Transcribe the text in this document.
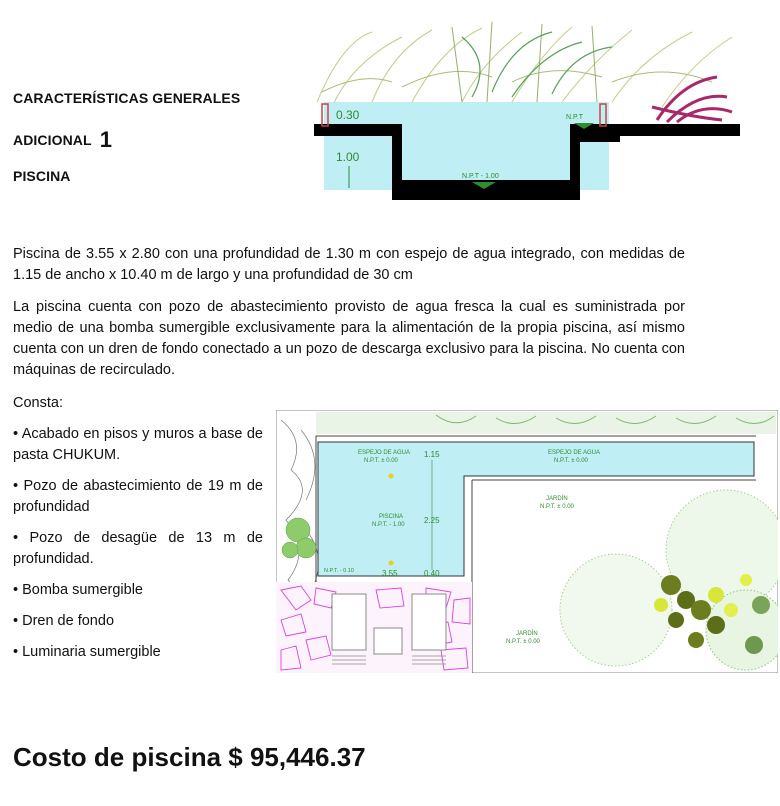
CARACTERÍSTICAS GENERALES
ADICIONAL 1
PISCINA
0.30
1.00
N.P.T - 1.00
N.P.T
Piscina de 3.55 x 2.80 con una profundidad de 1.30 m con espejo de agua integrado, con medidas de 1.15 de ancho x 10.40 m de largo y una profundidad de 30 cm
La piscina cuenta con pozo de abastecimiento provisto de agua fresca la cual es suministrada por medio de una bomba sumergible exclusivamente para la alimentación de la propia piscina, así mismo cuenta con un dren de fondo conectado a un pozo de descarga exclusivo para la piscina. No cuenta con máquinas de recirculado.
Consta:
• Acabado en pisos y muros a base de pasta CHUKUM.
• Pozo de abastecimiento de 19 m de profundidad
• Pozo de desagüe de 13 m de profundidad.
• Bomba sumergible
• Dren de fondo
• Luminaria sumergible
ESPEJO DE AGUA
N.P.T. ± 0.00
1.15	ESPEJO DE AGUA
N.P.T. ± 0.00
PISCINA
N.P.T. - 1.00 2.25
N.P.T. - 0.10	3.55	0.40
JARDÍN
N.P.T. ± 0.00
JARDÍN
N.P.T. ± 0.00
Costo de piscina $ 95,446.37
